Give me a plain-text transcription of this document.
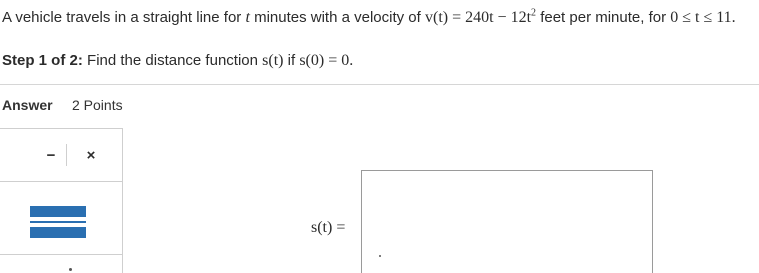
A vehicle travels in a straight line for t minutes with a velocity of $v(t) = 240t - 12t^2$ feet per minute, for 0 ≤ t ≤ 11.
Step 1 of 2: Find the distance function s(t) if s(0) = 0.
Answer 2 Points
− ×
s(t) =
